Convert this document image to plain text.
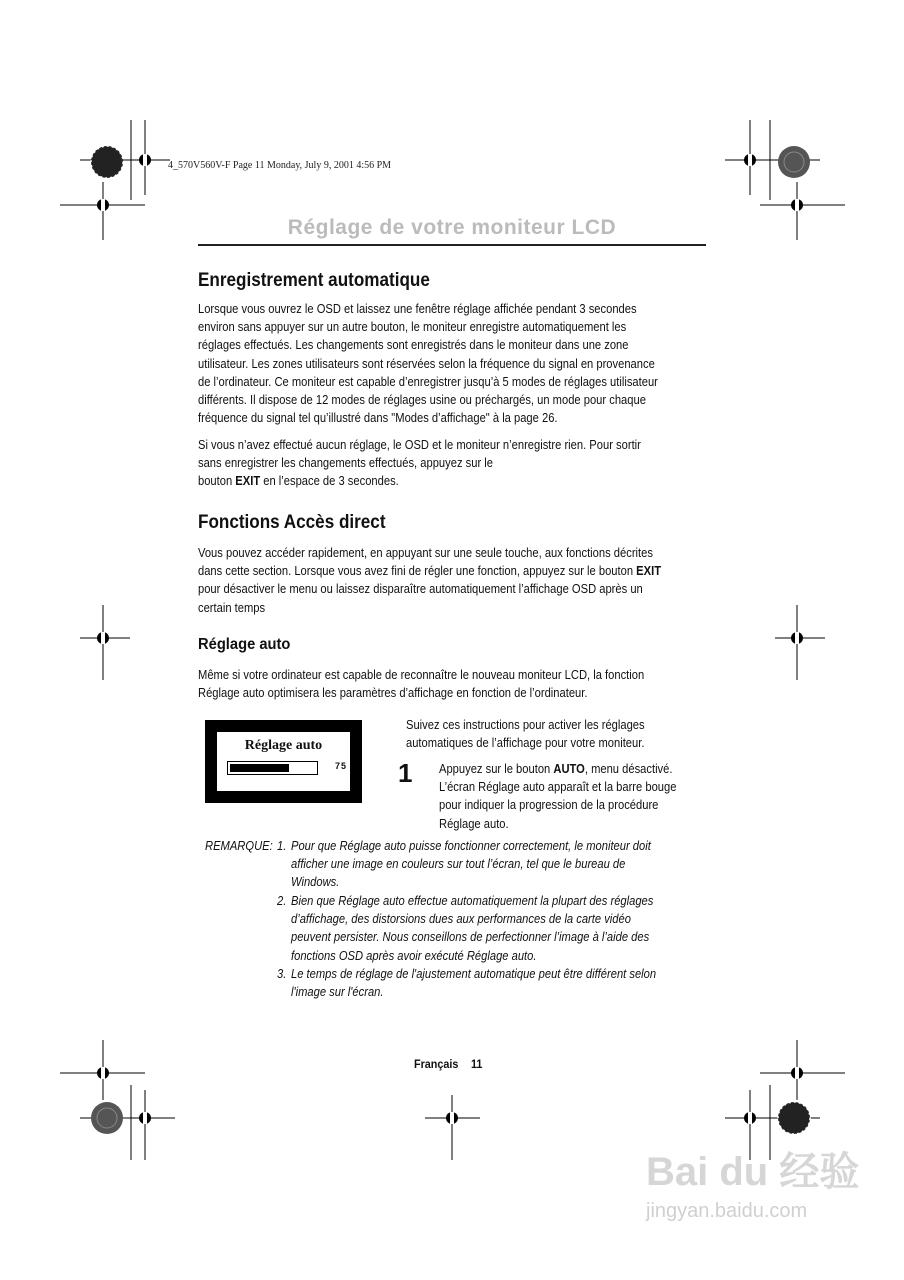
4_570V560V-F Page 11 Monday, July 9, 2001 4:56 PM
Réglage de votre moniteur LCD
Enregistrement automatique
Lorsque vous ouvrez le OSD et laissez une fenêtre réglage affichée pendant 3 secondes
environ sans appuyer sur un autre bouton, le moniteur enregistre automatiquement les
réglages effectués. Les changements sont enregistrés dans le moniteur dans une zone
utilisateur. Les zones utilisateurs sont réservées selon la fréquence du signal en provenance
de l’ordinateur. Ce moniteur est capable d’enregistrer jusqu’à 5 modes de réglages utilisateur
différents. Il dispose de 12 modes de réglages usine ou préchargés, un mode pour chaque
fréquence du signal tel qu’illustré dans "Modes d’affichage" à la page 26.
Si vous n’avez effectué aucun réglage, le OSD et le moniteur n’enregistre rien. Pour sortir
sans enregistrer les changements effectués, appuyez sur le
bouton EXIT en l’espace de 3 secondes.
Fonctions Accès direct
Vous pouvez accéder rapidement, en appuyant sur une seule touche, aux fonctions décrites
dans cette section. Lorsque vous avez fini de régler une fonction, appuyez sur le bouton EXIT
pour désactiver le menu ou laissez disparaître automatiquement l’affichage OSD après un
certain temps
Réglage auto
Même si votre ordinateur est capable de reconnaître le nouveau moniteur LCD, la fonction
Réglage auto optimisera les paramètres d’affichage en fonction de l’ordinateur.
Réglage auto
75
Suivez ces instructions pour activer les réglages
automatiques de l’affichage pour votre moniteur.
1 Appuyez sur le bouton AUTO, menu désactivé.
L’écran Réglage auto apparaît et la barre bouge
pour indiquer la progression de la procédure
Réglage auto.
REMARQUE: 1. Pour que Réglage auto puisse fonctionner correctement, le moniteur doit
afficher une image en couleurs sur tout l’écran, tel que le bureau de
Windows.
2. Bien que Réglage auto effectue automatiquement la plupart des réglages
d’affichage, des distorsions dues aux performances de la carte vidéo
peuvent persister. Nous conseillons de perfectionner l’image à l’aide des
fonctions OSD après avoir exécuté Réglage auto.
3. Le temps de réglage de l'ajustement automatique peut être différent selon
l'image sur l'écran.
Français 11
Bai du 经验
jingyan.baidu.com
